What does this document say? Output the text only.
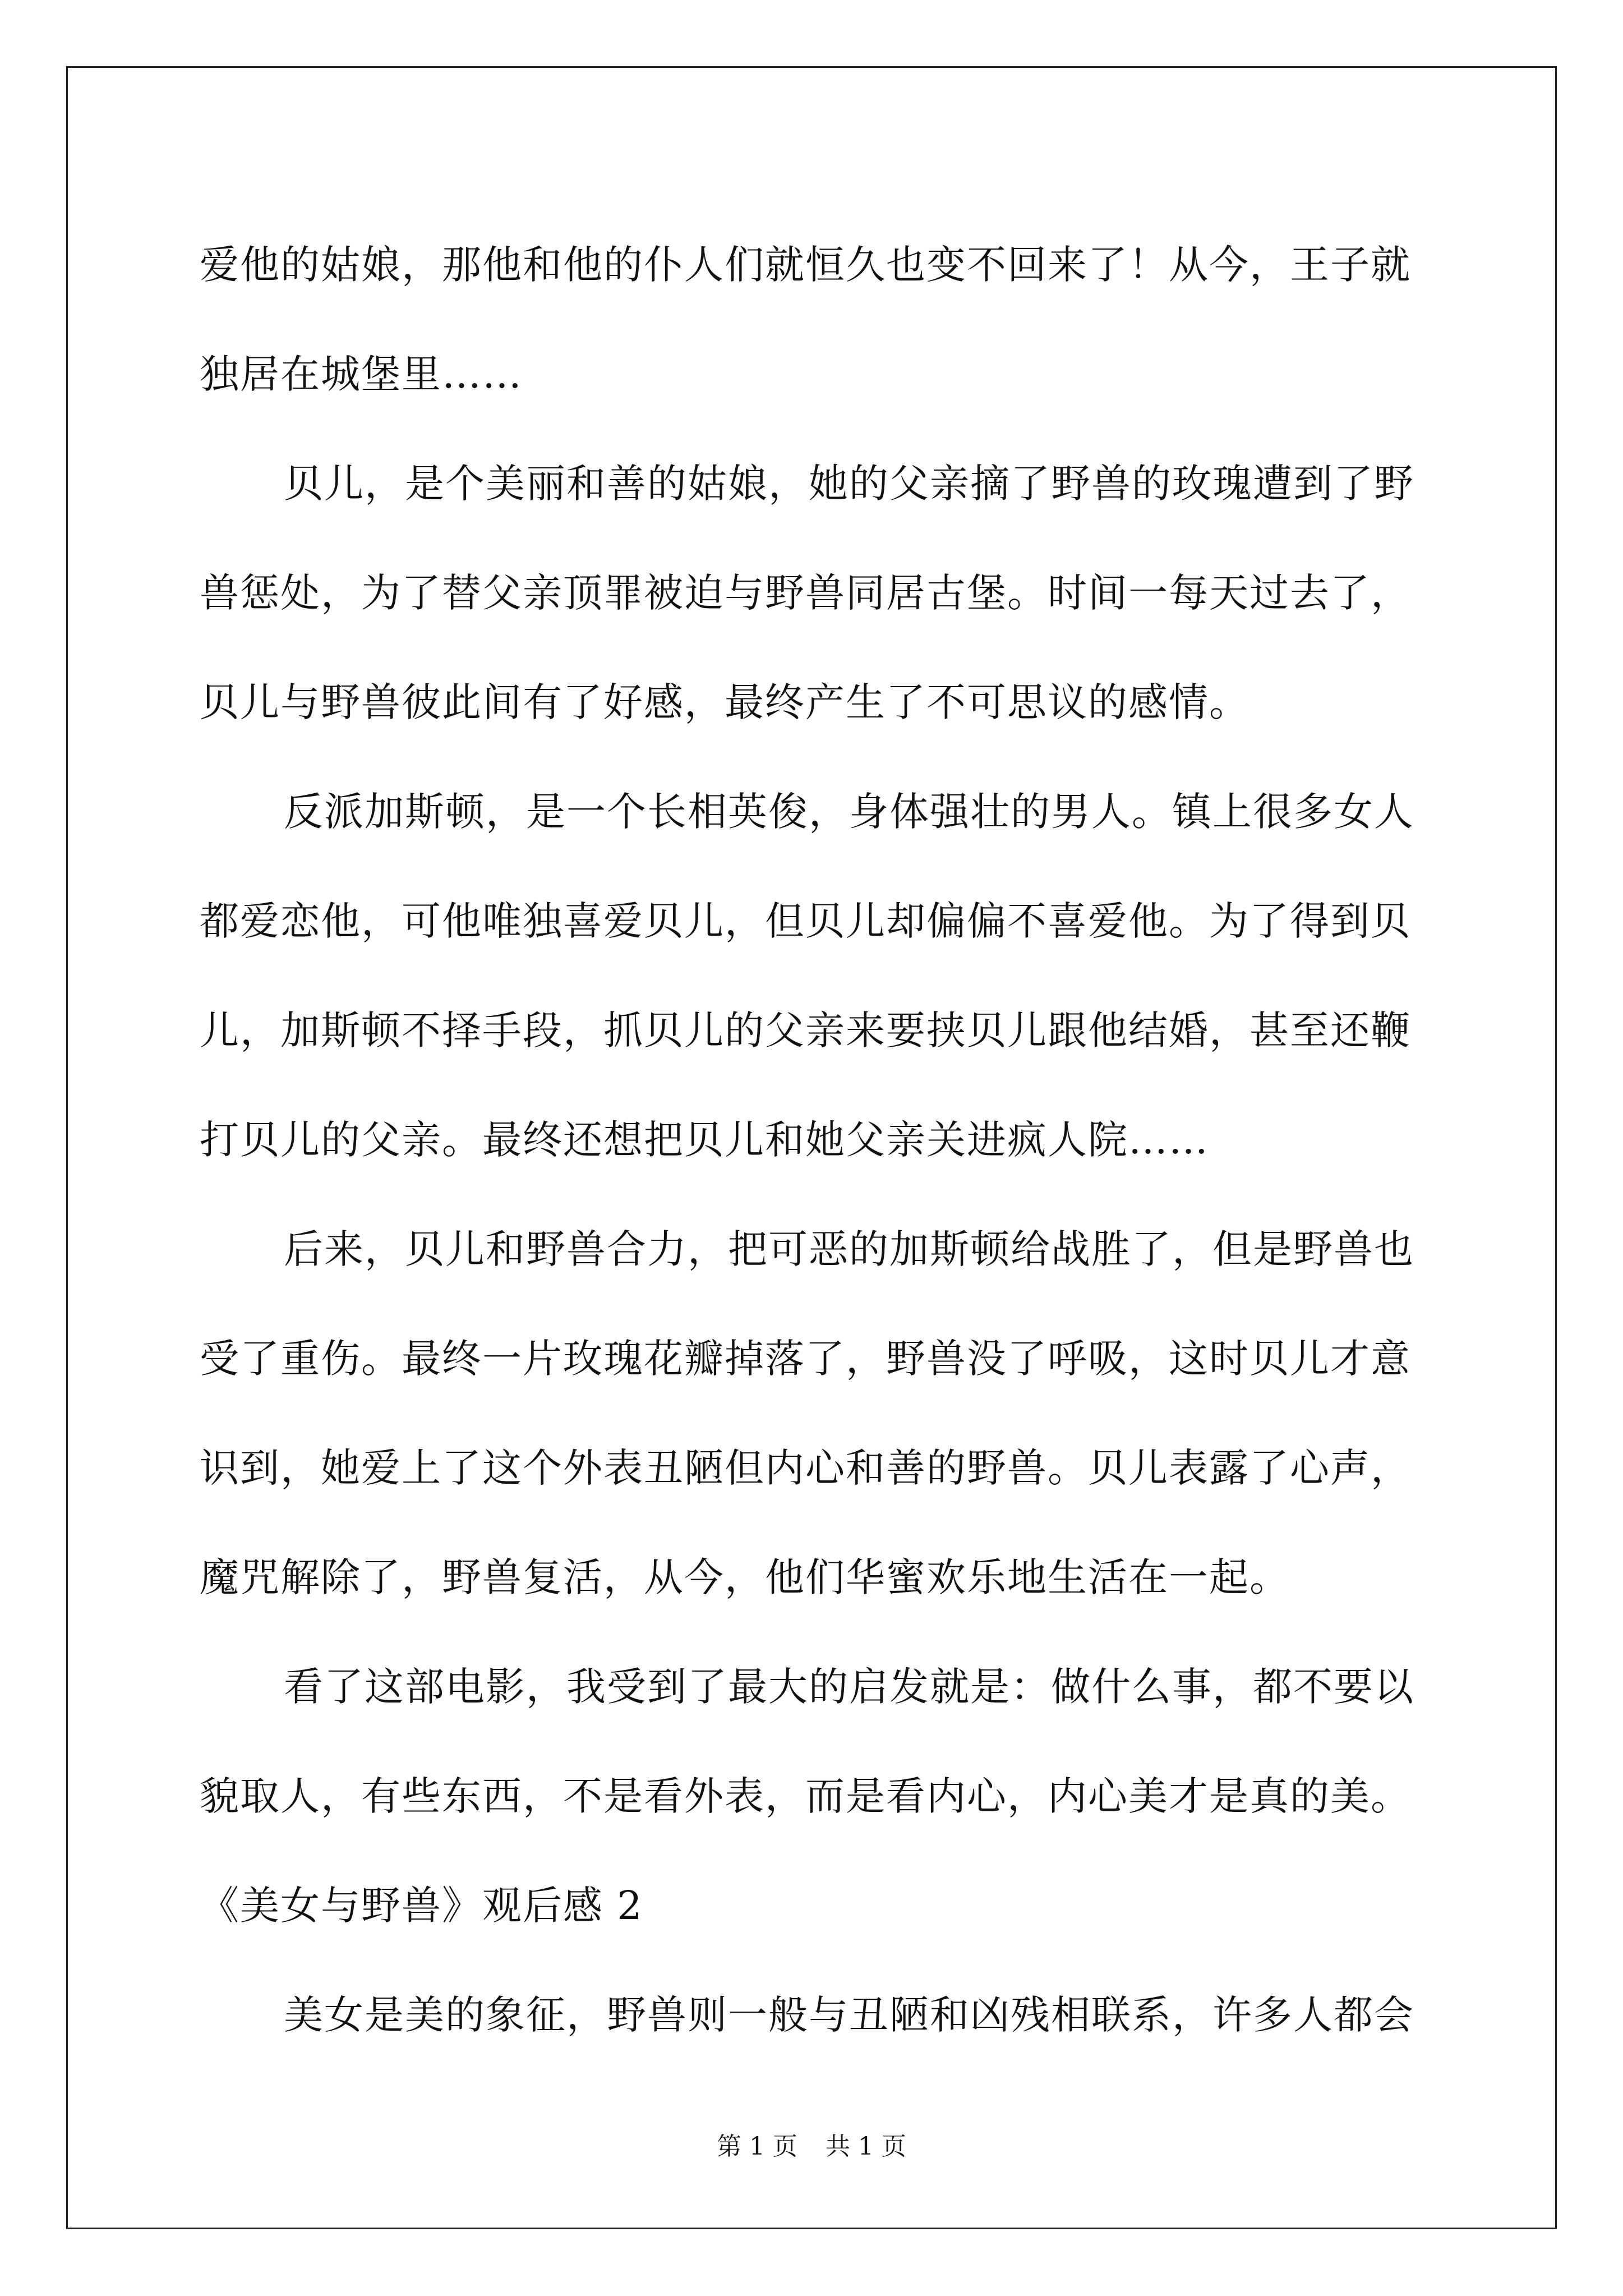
爱他的姑娘，那他和他的仆人们就恒久也变不回来了！从今，王子就
独居在城堡里……
贝儿，是个美丽和善的姑娘，她的父亲摘了野兽的玫瑰遭到了野
兽惩处，为了替父亲顶罪被迫与野兽同居古堡。时间一每天过去了，
贝儿与野兽彼此间有了好感，最终产生了不可思议的感情。
反派加斯顿，是一个长相英俊，身体强壮的男人。镇上很多女人
都爱恋他，可他唯独喜爱贝儿，但贝儿却偏偏不喜爱他。为了得到贝
儿，加斯顿不择手段，抓贝儿的父亲来要挟贝儿跟他结婚，甚至还鞭
打贝儿的父亲。最终还想把贝儿和她父亲关进疯人院……
后来，贝儿和野兽合力，把可恶的加斯顿给战胜了，但是野兽也
受了重伤。最终一片玫瑰花瓣掉落了，野兽没了呼吸，这时贝儿才意
识到，她爱上了这个外表丑陋但内心和善的野兽。贝儿表露了心声，
魔咒解除了，野兽复活，从今，他们华蜜欢乐地生活在一起。
看了这部电影，我受到了最大的启发就是：做什么事，都不要以
貌取人，有些东西，不是看外表，而是看内心，内心美才是真的美。
《美女与野兽》观后感 2
美女是美的象征，野兽则一般与丑陋和凶残相联系，许多人都会
第 1 页 共 1 页
